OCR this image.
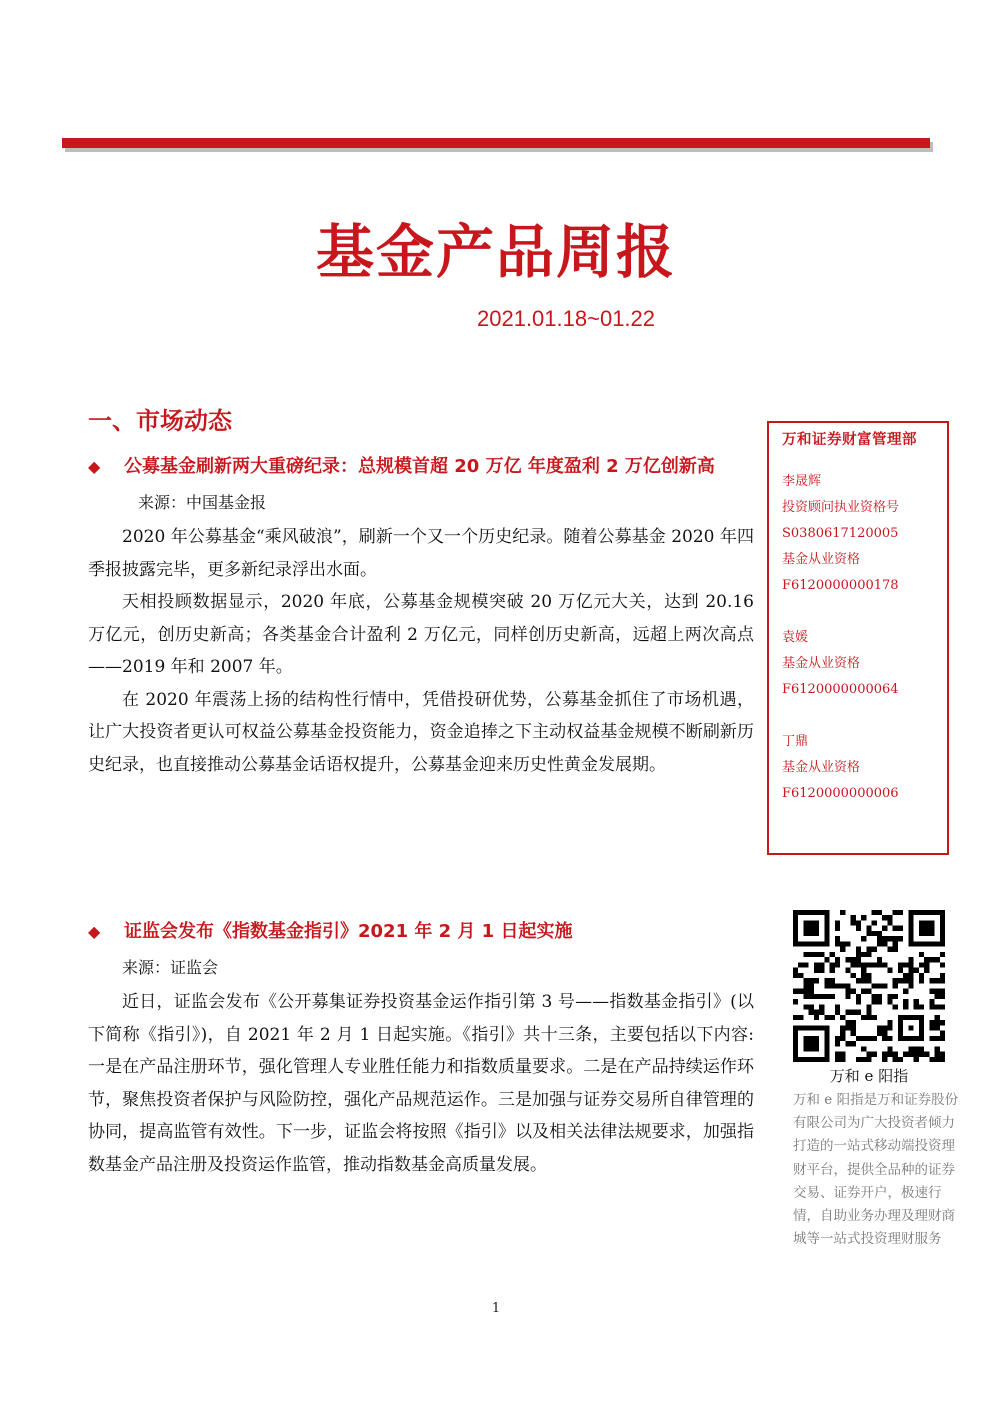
基金产品周报
2021.01.18~01.22
一、市场动态
◆ 公募基金刷新两大重磅纪录：总规模首超 20 万亿 年度盈利 2 万亿创新高
来源：中国基金报

2020 年公募基金“乘风破浪”，刷新一个又一个历史纪录。随着公募基金 2020 年四季报披露完毕，更多新纪录浮出水面。

天相投顾数据显示，2020 年底，公募基金规模突破 20 万亿元大关，达到 20.16 万亿元，创历史新高；各类基金合计盈利 2 万亿元，同样创历史新高，远超上两次高点——2019 年和 2007 年。

在 2020 年震荡上扬的结构性行情中，凭借投研优势，公募基金抓住了市场机遇，让广大投资者更认可权益公募基金投资能力，资金追捧之下主动权益基金规模不断刷新历史纪录，也直接推动公募基金话语权提升，公募基金迎来历史性黄金发展期。

◆ 证监会发布《指数基金指引》2021 年 2 月 1 日起实施
来源：证监会

近日，证监会发布《公开募集证券投资基金运作指引第 3 号——指数基金指引》(以下简称《指引》)，自 2021 年 2 月 1 日起实施。《指引》共十三条，主要包括以下内容:一是在产品注册环节，强化管理人专业胜任能力和指数质量要求。二是在产品持续运作环节，聚焦投资者保护与风险防控，强化产品规范运作。三是加强与证券交易所自律管理的协同，提高监管有效性。下一步，证监会将按照《指引》以及相关法律法规要求，加强指数基金产品注册及投资运作监管，推动指数基金高质量发展。

万和证券财富管理部
李晟辉
投资顾问执业资格号
S0380617120005
基金从业资格
F6120000000178
袁媛
基金从业资格
F6120000000064
丁鼎
基金从业资格
F6120000000006
万和 e 阳指
万和 e 阳指是万和证券股份有限公司为广大投资者倾力打造的一站式移动端投资理财平台，提供全品种的证券交易、证券开户，极速行情，自助业务办理及理财商城等一站式投资理财服务
1
